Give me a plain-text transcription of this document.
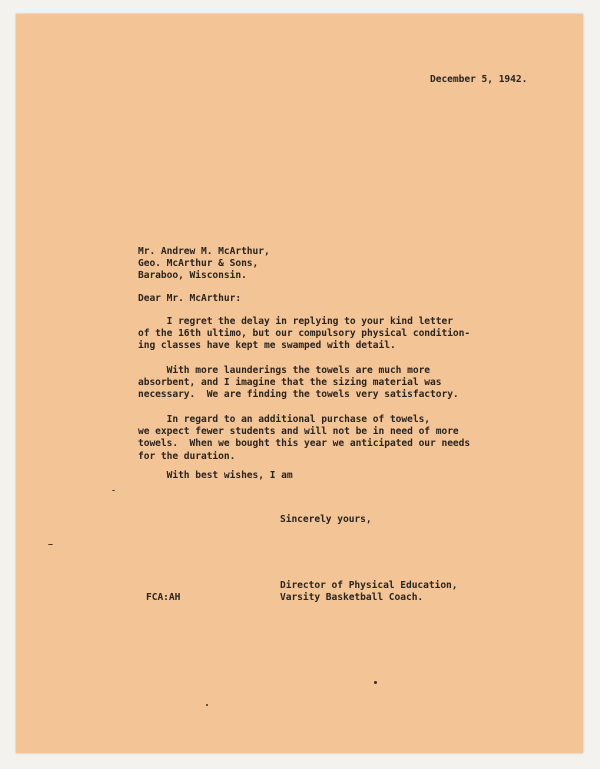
December 5, 1942.
Mr. Andrew M. McArthur,
Geo. McArthur & Sons,
Baraboo, Wisconsin.
Dear Mr. McArthur:
I regret the delay in replying to your kind letter
of the 16th ultimo, but our compulsory physical condition-
ing classes have kept me swamped with detail.
With more launderings the towels are much more
absorbent, and I imagine that the sizing material was
necessary.  We are finding the towels very satisfactory.
In regard to an additional purchase of towels,
we expect fewer students and will not be in need of more
towels.  When we bought this year we anticipated our needs
for the duration.
With best wishes, I am
Sincerely yours,
Director of Physical Education,
Varsity Basketball Coach.
FCA:AH
